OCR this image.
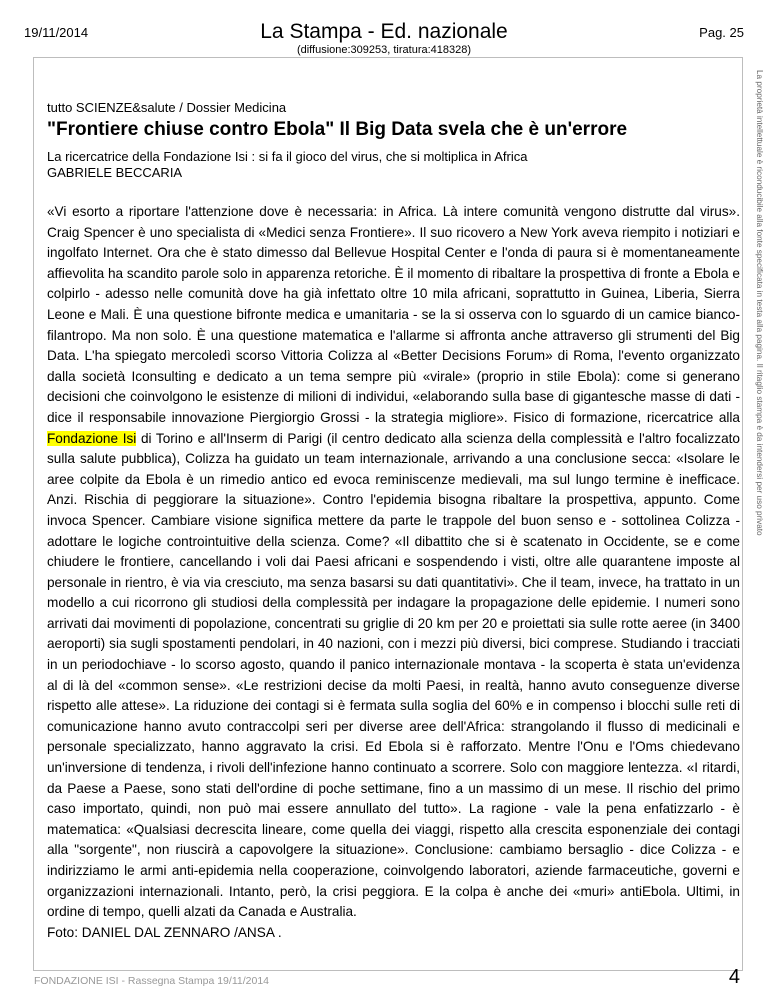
19/11/2014	La Stampa - Ed. nazionale	Pag. 25
(diffusione:309253, tiratura:418328)
La proprietà intellettuale è riconducibile alla fonte specificata in testa alla pagina. Il ritaglio stampa è da intendersi per uso privato
tutto SCIENZE&salute / Dossier Medicina
"Frontiere chiuse contro Ebola" Il Big Data svela che è un'errore
La ricercatrice della Fondazione Isi : si fa il gioco del virus, che si moltiplica in Africa
GABRIELE BECCARIA
«Vi esorto a riportare l'attenzione dove è necessaria: in Africa. Là intere comunità vengono distrutte dal virus». Craig Spencer è uno specialista di «Medici senza Frontiere». Il suo ricovero a New York aveva riempito i notiziari e ingolfato Internet. Ora che è stato dimesso dal Bellevue Hospital Center e l'onda di paura si è momentaneamente affievolita ha scandito parole solo in apparenza retoriche. È il momento di ribaltare la prospettiva di fronte a Ebola e colpirlo - adesso nelle comunità dove ha già infettato oltre 10 mila africani, soprattutto in Guinea, Liberia, Sierra Leone e Mali. È una questione bifronte medica e umanitaria - se la si osserva con lo sguardo di un camice bianco-filantropo. Ma non solo. È una questione matematica e l'allarme si affronta anche attraverso gli strumenti del Big Data. L'ha spiegato mercoledì scorso Vittoria Colizza al «Better Decisions Forum» di Roma, l'evento organizzato dalla società Iconsulting e dedicato a un tema sempre più «virale» (proprio in stile Ebola): come si generano decisioni che coinvolgono le esistenze di milioni di individui, «elaborando sulla base di gigantesche masse di dati - dice il responsabile innovazione Piergiorgio Grossi - la strategia migliore». Fisico di formazione, ricercatrice alla Fondazione Isi di Torino e all'Inserm di Parigi (il centro dedicato alla scienza della complessità e l'altro focalizzato sulla salute pubblica), Colizza ha guidato un team internazionale, arrivando a una conclusione secca: «Isolare le aree colpite da Ebola è un rimedio antico ed evoca reminiscenze medievali, ma sul lungo termine è inefficace. Anzi. Rischia di peggiorare la situazione». Contro l'epidemia bisogna ribaltare la prospettiva, appunto. Come invoca Spencer. Cambiare visione significa mettere da parte le trappole del buon senso e - sottolinea Colizza - adottare le logiche controintuitive della scienza. Come? «Il dibattito che si è scatenato in Occidente, se e come chiudere le frontiere, cancellando i voli dai Paesi africani e sospendendo i visti, oltre alle quarantene imposte al personale in rientro, è via via cresciuto, ma senza basarsi su dati quantitativi». Che il team, invece, ha trattato in un modello a cui ricorrono gli studiosi della complessità per indagare la propagazione delle epidemie. I numeri sono arrivati dai movimenti di popolazione, concentrati su griglie di 20 km per 20 e proiettati sia sulle rotte aeree (in 3400 aeroporti) sia sugli spostamenti pendolari, in 40 nazioni, con i mezzi più diversi, bici comprese. Studiando i tracciati in un periodochiave - lo scorso agosto, quando il panico internazionale montava - la scoperta è stata un'evidenza al di là del «common sense». «Le restrizioni decise da molti Paesi, in realtà, hanno avuto conseguenze diverse rispetto alle attese». La riduzione dei contagi si è fermata sulla soglia del 60% e in compenso i blocchi sulle reti di comunicazione hanno avuto contraccolpi seri per diverse aree dell'Africa: strangolando il flusso di medicinali e personale specializzato, hanno aggravato la crisi. Ed Ebola si è rafforzato. Mentre l'Onu e l'Oms chiedevano un'inversione di tendenza, i rivoli dell'infezione hanno continuato a scorrere. Solo con maggiore lentezza. «I ritardi, da Paese a Paese, sono stati dell'ordine di poche settimane, fino a un massimo di un mese. Il rischio del primo caso importato, quindi, non può mai essere annullato del tutto». La ragione - vale la pena enfatizzarlo - è matematica: «Qualsiasi decrescita lineare, come quella dei viaggi, rispetto alla crescita esponenziale dei contagi alla "sorgente", non riuscirà a capovolgere la situazione». Conclusione: cambiamo bersaglio - dice Colizza - e indirizziamo le armi anti-epidemia nella cooperazione, coinvolgendo laboratori, aziende farmaceutiche, governi e organizzazioni internazionali. Intanto, però, la crisi peggiora. E la colpa è anche dei «muri» antiEbola. Ultimi, in ordine di tempo, quelli alzati da Canada e Australia.
Foto: DANIEL DAL ZENNARO /ANSA .
FONDAZIONE ISI - Rassegna Stampa 19/11/2014	4
